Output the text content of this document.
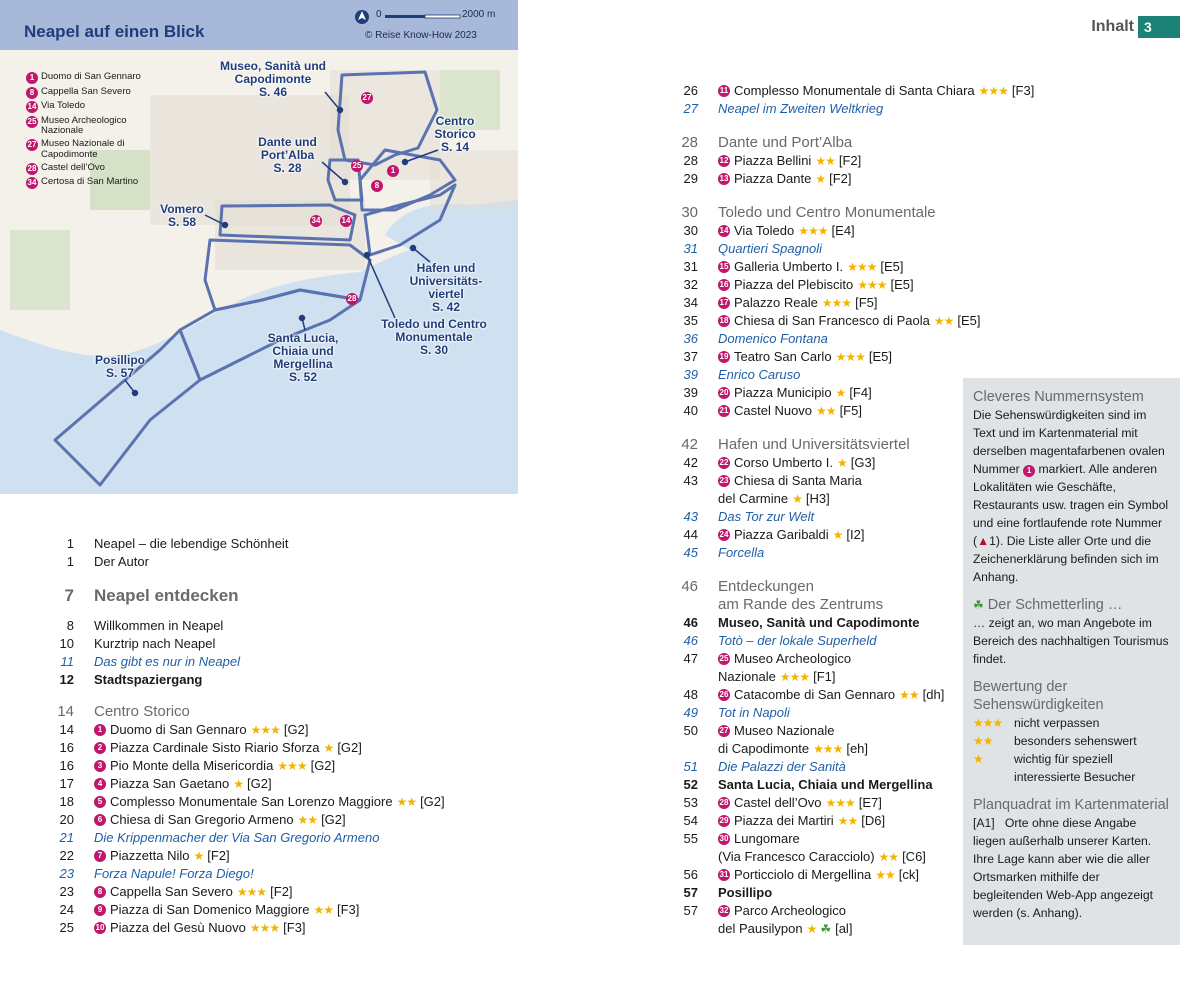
Neapel auf einen Blick
0	2000 m
© Reise Know-How 2023
1 Duomo di San Gennaro
8 Cappella San Severo
14 Via Toledo
25 Museo Archeologico Nazionale
27 Museo Nazionale di Capodimonte
28 Castel dell’Ovo
34 Certosa di San Martino
Museo, Sanità und Capodimonte
S. 46
Dante und Port’Alba
S. 28
Centro Storico
S. 14
Vomero
S. 58
Hafen und Universitätsviertel
S. 42
Toledo und Centro Monumentale
S. 30
Santa Lucia, Chiaia und Mergellina
S. 52
Posillipo
S. 57
27
25
1
8
34	14
28
Inhalt 3
1 Neapel – die lebendige Schönheit
1 Der Autor
7 Neapel entdecken
8 Willkommen in Neapel
10 Kurztrip nach Neapel
11 Das gibt es nur in Neapel
12 Stadtspaziergang
14 Centro Storico
14	1 Duomo di San Gennaro ★★★ [G2]
16	2 Piazza Cardinale Sisto Riario Sforza ★ [G2]
16	3 Pio Monte della Misericordia ★★★ [G2]
17	4 Piazza San Gaetano ★ [G2]
18	5 Complesso Monumentale San Lorenzo Maggiore ★★ [G2]
20	6 Chiesa di San Gregorio Armeno ★★ [G2]
21 Die Krippenmacher der Via San Gregorio Armeno
22	7 Piazzetta Nilo ★ [F2]
23 Forza Napule! Forza Diego!
23	8 Cappella San Severo ★★★ [F2]
24	9 Piazza di San Domenico Maggiore ★★ [F3]
25	10 Piazza del Gesù Nuovo ★★★ [F3]
26	11 Complesso Monumentale di Santa Chiara ★★★ [F3]
27 Neapel im Zweiten Weltkrieg
28 Dante und Port’Alba
28	12 Piazza Bellini ★★ [F2]
29	13 Piazza Dante ★ [F2]
30 Toledo und Centro Monumentale
30	14 Via Toledo ★★★ [E4]
31 Quartieri Spagnoli
31	15 Galleria Umberto I. ★★★ [E5]
32	16 Piazza del Plebiscito ★★★ [E5]
34	17 Palazzo Reale ★★★ [F5]
35	18 Chiesa di San Francesco di Paola ★★ [E5]
36 Domenico Fontana
37	19 Teatro San Carlo ★★★ [E5]
39 Enrico Caruso
39	20 Piazza Municipio ★ [F4]
40	21 Castel Nuovo ★★ [F5]
42 Hafen und Universitätsviertel
42	22 Corso Umberto I. ★ [G3]
43	23 Chiesa di Santa Maria
del Carmine ★ [H3]
43 Das Tor zur Welt
44	24 Piazza Garibaldi ★ [I2]
45 Forcella
46 Entdeckungen
am Rande des Zentrums
46 Museo, Sanità und Capodimonte
46 Totò – der lokale Superheld
47	25 Museo Archeologico
Nazionale ★★★ [F1]
48	26 Catacombe di San Gennaro ★★ [dh]
49 Tot in Napoli
50	27 Museo Nazionale
di Capodimonte ★★★ [eh]
51 Die Palazzi der Sanità
52 Santa Lucia, Chiaia und Mergellina
53	28 Castel dell’Ovo ★★★ [E7]
54	29 Piazza dei Martiri ★★ [D6]
55	30 Lungomare
(Via Francesco Caracciolo) ★★ [C6]
56	31 Porticciolo di Mergellina ★★ [ck]
57 Posillipo
57	32 Parco Archeologico
del Pausilypon ★ ☘ [al]
Cleveres Nummernsystem

Die Sehenswürdigkeiten sind im Text und im Kartenmaterial mit derselben magentafarbenen ovalen Nummer 1 markiert. Alle anderen Lokalitäten wie Geschäfte, Restaurants usw. tragen ein Symbol und eine fortlaufende rote Nummer (▲1). Die Liste aller Orte und die Zeichenerklärung befinden sich im Anhang.

☘ Der Schmetterling …

… zeigt an, wo man Angebote im Bereich des nachhaltigen Tourismus findet.

Bewertung der Sehenswürdigkeiten
★★★ nicht verpassen
★★	besonders sehenswert
★	wichtig für speziell interessierte Besucher
Planquadrat im Kartenmaterial

[A1] Orte ohne diese Angabe liegen außerhalb unserer Karten. Ihre Lage kann aber wie die aller Ortsmarken mithilfe der begleitenden Web-App angezeigt werden (s. Anhang).
